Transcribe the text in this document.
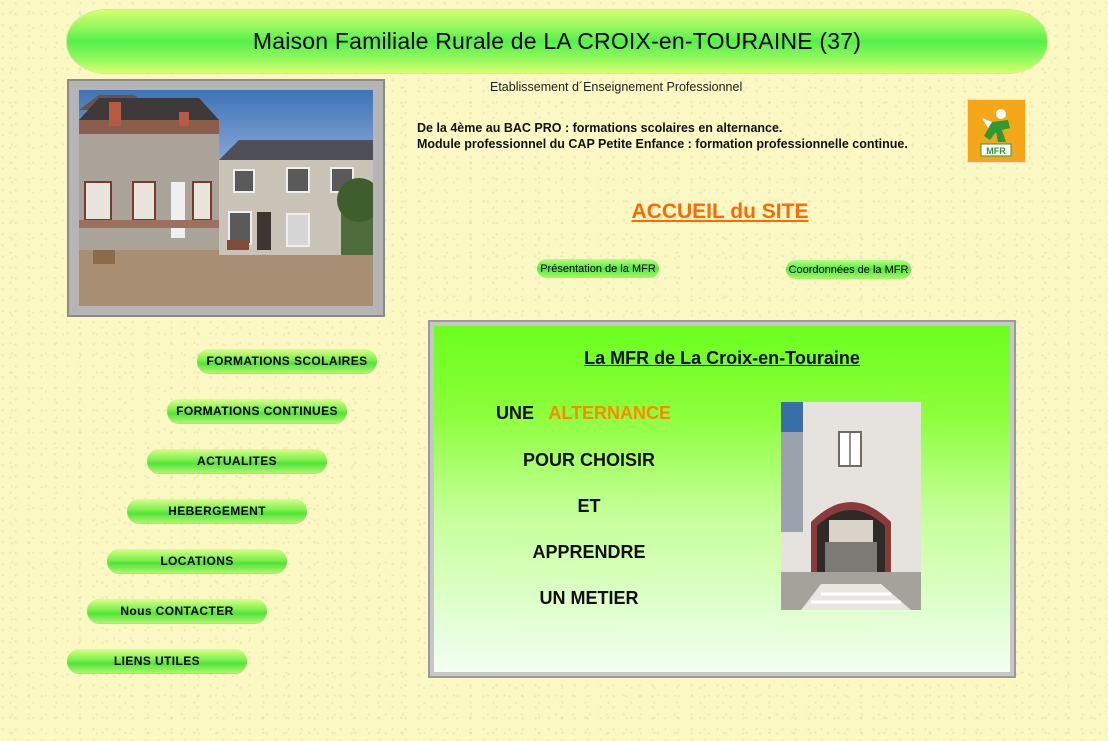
Maison Familiale Rurale de LA CROIX-en-TOURAINE (37)
Etablissement d´Enseignement Professionnel
De la 4ème au BAC PRO : formations scolaires en alternance.
Module professionnel du CAP Petite Enfance : formation professionnelle continue.	MFR
ACCUEIL du SITE
Présentation de la MFR	Coordonnées de la MFR
FORMATIONS SCOLAIRES
FORMATIONS CONTINUES
ACTUALITES
HEBERGEMENT
LOCATIONS
Nous CONTACTER
LIENS UTILES
La MFR de La Croix-en-Touraine
UNE ALTERNANCE
POUR CHOISIR
ET
APPRENDRE
UN METIER
